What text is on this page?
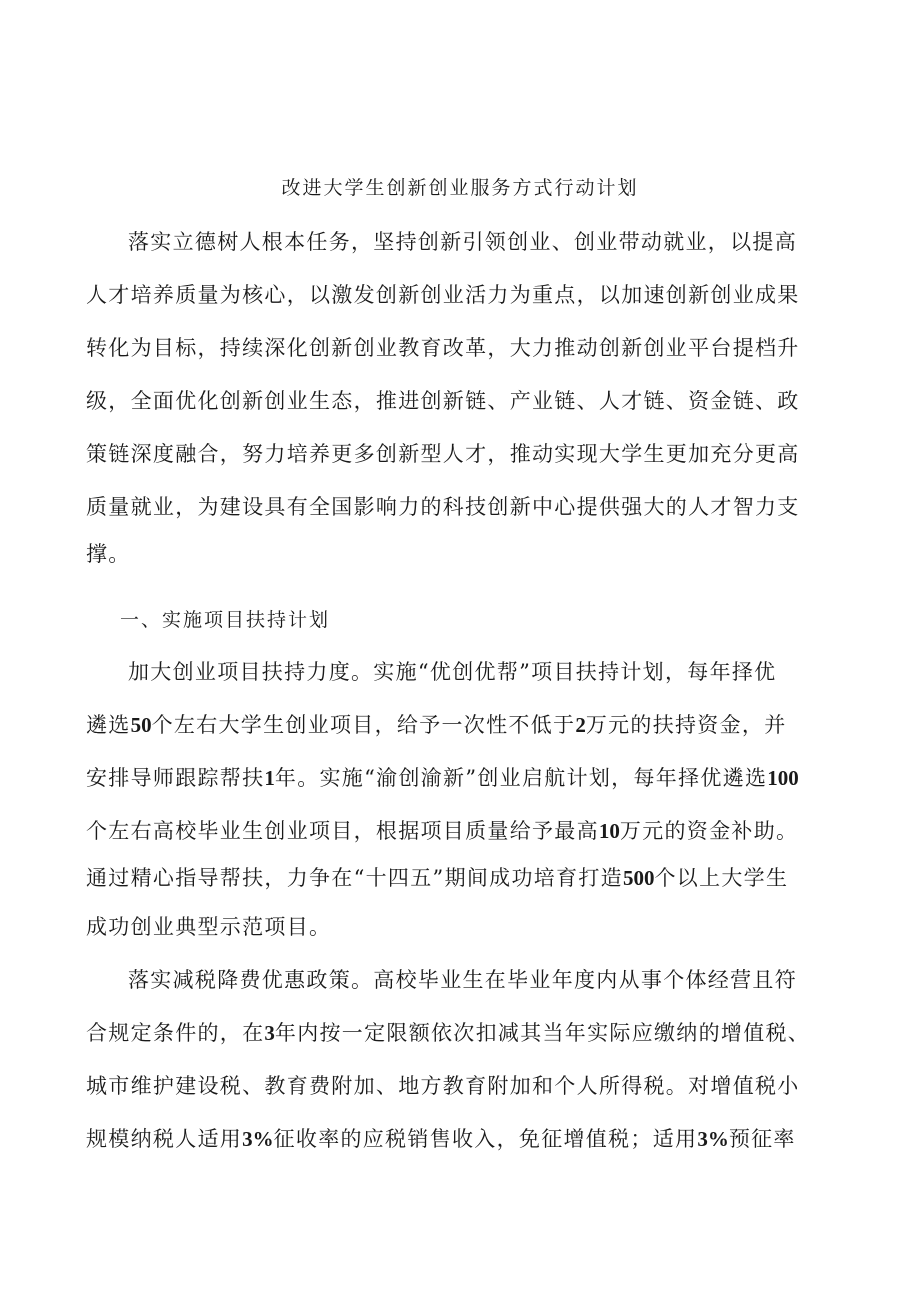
改进大学生创新创业服务方式行动计划

落实立德树人根本任务，坚持创新引领创业、创业带动就业，以提高

人才培养质量为核心，以激发创新创业活力为重点，以加速创新创业成果

转化为目标，持续深化创新创业教育改革，大力推动创新创业平台提档升

级，全面优化创新创业生态，推进创新链、产业链、人才链、资金链、政

策链深度融合，努力培养更多创新型人才，推动实现大学生更加充分更高

质量就业，为建设具有全国影响力的科技创新中心提供强大的人才智力支

撑。

一、实施项目扶持计划

加大创业项目扶持力度。实施“优创优帮”项目扶持计划，每年择优

遴选50个左右大学生创业项目，给予一次性不低于2万元的扶持资金，并

安排导师跟踪帮扶1年。实施“渝创渝新”创业启航计划，每年择优遴选100

个左右高校毕业生创业项目，根据项目质量给予最高10万元的资金补助。

通过精心指导帮扶，力争在“十四五”期间成功培育打造500个以上大学生

成功创业典型示范项目。

落实减税降费优惠政策。高校毕业生在毕业年度内从事个体经营且符

合规定条件的，在3年内按一定限额依次扣减其当年实际应缴纳的增值税、

城市维护建设税、教育费附加、地方教育附加和个人所得税。对增值税小

规模纳税人适用3%征收率的应税销售收入，免征增值税；适用3%预征率
